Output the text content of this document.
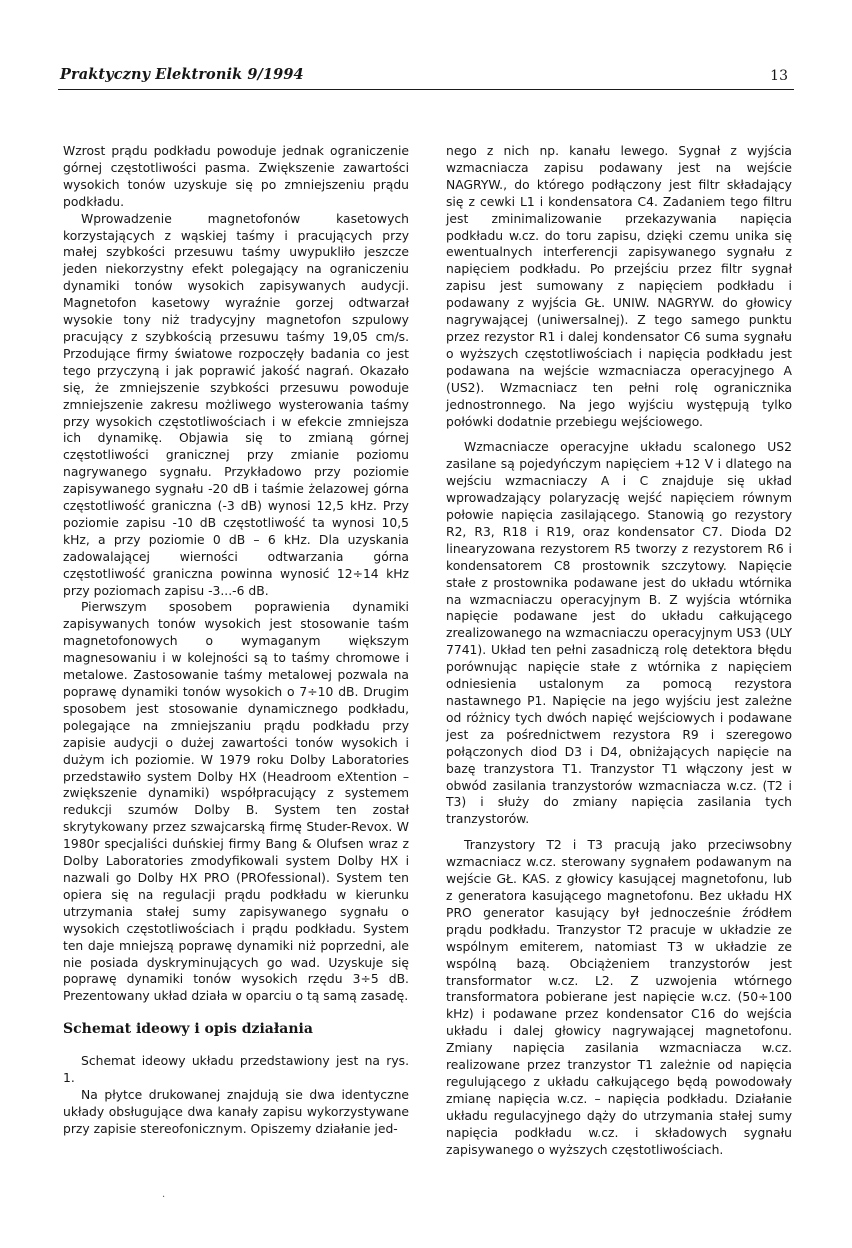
Praktyczny Elektronik 9/1994	13

Wzrost prądu podkładu powoduje jednak ograniczenie górnej częstotliwości pasma. Zwiększenie zawartości wysokich tonów uzyskuje się po zmniejszeniu prądu podkładu.

Wprowadzenie magnetofonów kasetowych korzystających z wąskiej taśmy i pracujących przy małej szybkości przesuwu taśmy uwypukliło jeszcze jeden niekorzystny efekt polegający na ograniczeniu dynamiki tonów wysokich zapisywanych audycji. Magnetofon kasetowy wyraźnie gorzej odtwarzał wysokie tony niż tradycyjny magnetofon szpulowy pracujący z szybkością przesuwu taśmy 19,05 cm/s. Przodujące firmy światowe rozpoczęły badania co jest tego przyczyną i jak poprawić jakość nagrań. Okazało się, że zmniejszenie szybkości przesuwu powoduje zmniejszenie zakresu możliwego wysterowania taśmy przy wysokich częstotliwościach i w efekcie zmniejsza ich dynamikę. Objawia się to zmianą górnej częstotliwości granicznej przy zmianie poziomu nagrywanego sygnału. Przykładowo przy poziomie zapisywanego sygnału -20 dB i taśmie żelazowej górna częstotliwość graniczna (-3 dB) wynosi 12,5 kHz. Przy poziomie zapisu -10 dB częstotliwość ta wynosi 10,5 kHz, a przy poziomie 0 dB – 6 kHz. Dla uzyskania zadowalającej wierności odtwarzania górna częstotliwość graniczna powinna wynosić 12÷14 kHz przy poziomach zapisu -3...-6 dB.

Pierwszym sposobem poprawienia dynamiki zapisywanych tonów wysokich jest stosowanie taśm magnetofonowych o wymaganym większym magnesowaniu i w kolejności są to taśmy chromowe i metalowe. Zastosowanie taśmy metalowej pozwala na poprawę dynamiki tonów wysokich o 7÷10 dB. Drugim sposobem jest stosowanie dynamicznego podkładu, polegające na zmniejszaniu prądu podkładu przy zapisie audycji o dużej zawartości tonów wysokich i dużym ich poziomie. W 1979 roku Dolby Laboratories przedstawiło system Dolby HX (Headroom eXtention – zwiększenie dynamiki) współpracujący z systemem redukcji szumów Dolby B. System ten został skrytykowany przez szwajcarską firmę Studer-Revox. W 1980r specjaliści duńskiej firmy Bang & Olufsen wraz z Dolby Laboratories zmodyfikowali system Dolby HX i nazwali go Dolby HX PRO (PROfessional). System ten opiera się na regulacji prądu podkładu w kierunku utrzymania stałej sumy zapisywanego sygnału o wysokich częstotliwościach i prądu podkładu. System ten daje mniejszą poprawę dynamiki niż poprzedni, ale nie posiada dyskryminujących go wad. Uzyskuje się poprawę dynamiki tonów wysokich rzędu 3÷5 dB. Prezentowany układ działa w oparciu o tą samą zasadę.

Schemat ideowy i opis działania

Schemat ideowy układu przedstawiony jest na rys. 1.

Na płytce drukowanej znajdują sie dwa identyczne układy obsługujące dwa kanały zapisu wykorzystywane przy zapisie stereofonicznym. Opiszemy działanie jed-

nego z nich np. kanału lewego. Sygnał z wyjścia wzmacniacza zapisu podawany jest na wejście NAGRYW., do którego podłączony jest filtr składający się z cewki L1 i kondensatora C4. Zadaniem tego filtru jest zminimalizowanie przekazywania napięcia podkładu w.cz. do toru zapisu, dzięki czemu unika się ewentualnych interferencji zapisywanego sygnału z napięciem podkładu. Po przejściu przez filtr sygnał zapisu jest sumowany z napięciem podkładu i podawany z wyjścia GŁ. UNIW. NAGRYW. do głowicy nagrywającej (uniwersalnej). Z tego samego punktu przez rezystor R1 i dalej kondensator C6 suma sygnału o wyższych częstotliwościach i napięcia podkładu jest podawana na wejście wzmacniacza operacyjnego A (US2). Wzmacniacz ten pełni rolę ogranicznika jednostronnego. Na jego wyjściu występują tylko połówki dodatnie przebiegu wejściowego.

Wzmacniacze operacyjne układu scalonego US2 zasilane są pojedyńczym napięciem +12 V i dlatego na wejściu wzmacniaczy A i C znajduje się układ wprowadzający polaryzację wejść napięciem równym połowie napięcia zasilającego. Stanowią go rezystory R2, R3, R18 i R19, oraz kondensator C7. Dioda D2 linearyzowana rezystorem R5 tworzy z rezystorem R6 i kondensatorem C8 prostownik szczytowy. Napięcie stałe z prostownika podawane jest do układu wtórnika na wzmacniaczu operacyjnym B. Z wyjścia wtórnika napięcie podawane jest do układu całkującego zrealizowanego na wzmacniaczu operacyjnym US3 (ULY 7741). Układ ten pełni zasadniczą rolę detektora błędu porównując napięcie stałe z wtórnika z napięciem odniesienia ustalonym za pomocą rezystora nastawnego P1. Napięcie na jego wyjściu jest zależne od różnicy tych dwóch napięć wejściowych i podawane jest za pośrednictwem rezystora R9 i szeregowo połączonych diod D3 i D4, obniżających napięcie na bazę tranzystora T1. Tranzystor T1 włączony jest w obwód zasilania tranzystorów wzmacniacza w.cz. (T2 i T3) i służy do zmiany napięcia zasilania tych tranzystorów.

Tranzystory T2 i T3 pracują jako przeciwsobny wzmacniacz w.cz. sterowany sygnałem podawanym na wejście GŁ. KAS. z głowicy kasującej magnetofonu, lub z generatora kasującego magnetofonu. Bez układu HX PRO generator kasujący był jednocześnie źródłem prądu podkładu. Tranzystor T2 pracuje w układzie ze wspólnym emiterem, natomiast T3 w układzie ze wspólną bazą. Obciążeniem tranzystorów jest transformator w.cz. L2. Z uzwojenia wtórnego transformatora pobierane jest napięcie w.cz. (50÷100 kHz) i podawane przez kondensator C16 do wejścia układu i dalej głowicy nagrywającej magnetofonu. Zmiany napięcia zasilania wzmacniacza w.cz. realizowane przez tranzystor T1 zależnie od napięcia regulującego z układu całkującego będą powodowały zmianę napięcia w.cz. – napięcia podkładu. Działanie układu regulacyjnego dąży do utrzymania stałej sumy napięcia podkładu w.cz. i składowych sygnału zapisywanego o wyższych częstotliwościach.

·
